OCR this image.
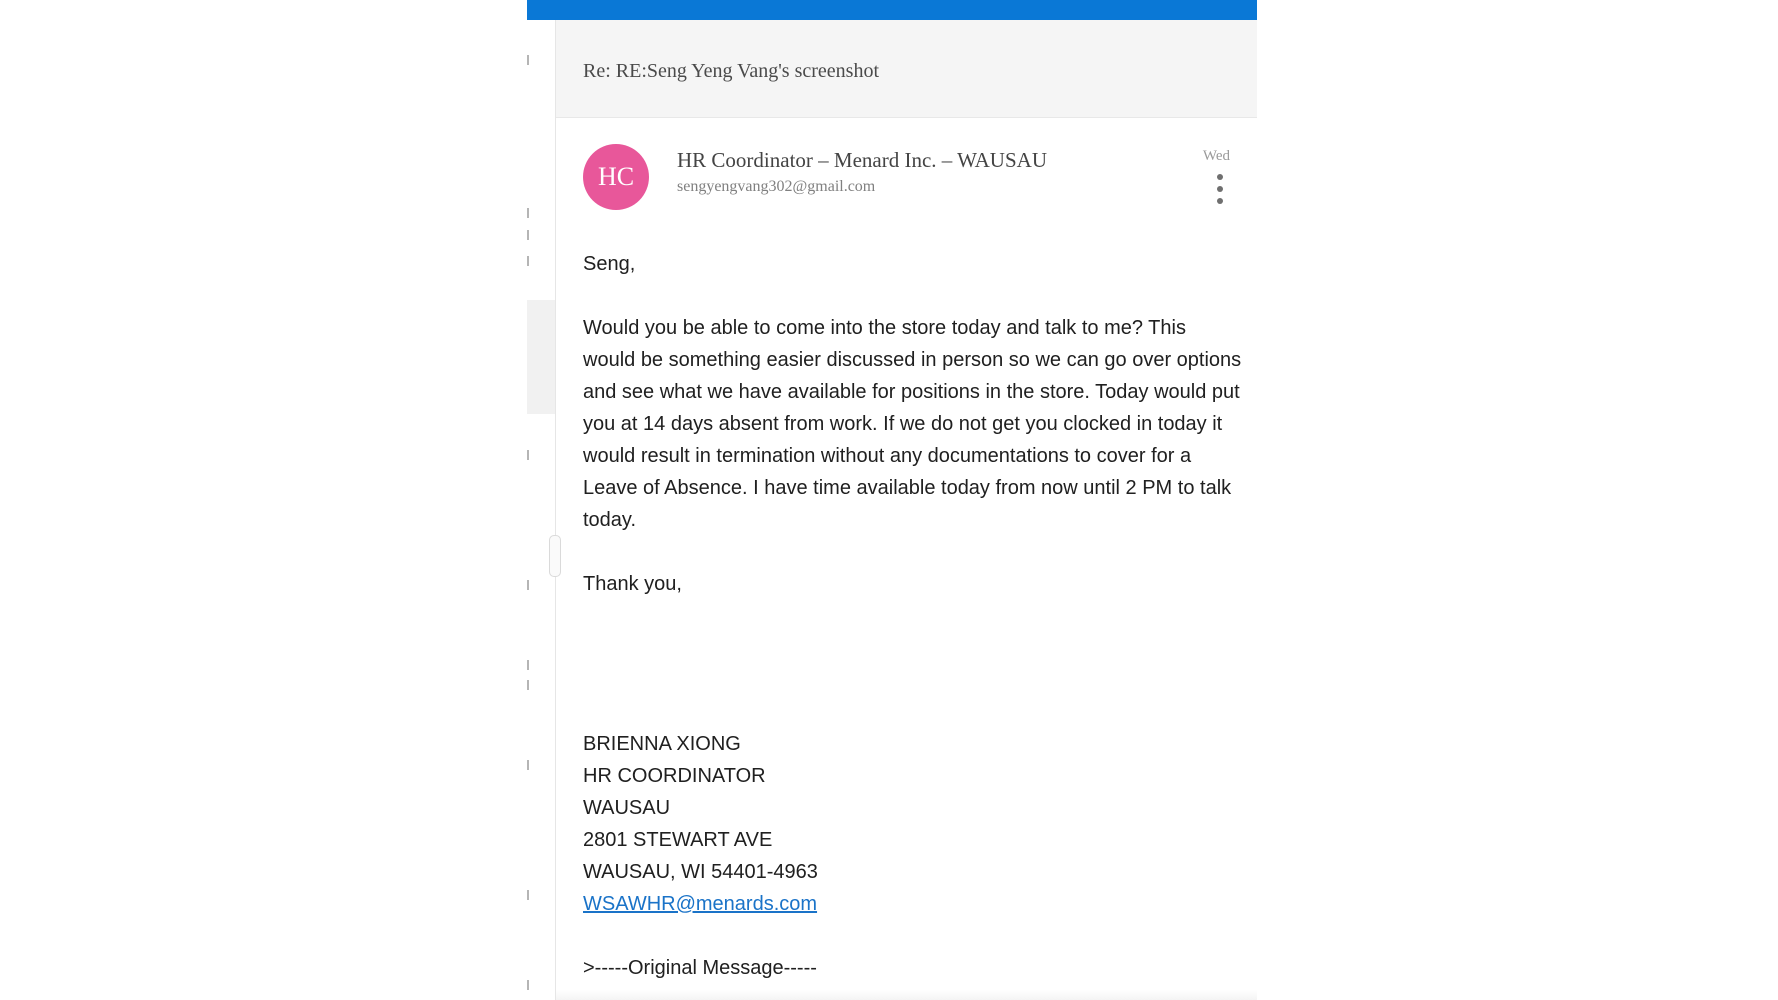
Re: RE:Seng Yeng Vang's screenshot
HC
HR Coordinator – Menard Inc. – WAUSAU
sengyengvang302@gmail.com
Wed

Seng,

Would you be able to come into the store today and talk to me? This would be something easier discussed in person so we can go over options and see what we have available for positions in the store. Today would put you at 14 days absent from work. If we do not get you clocked in today it would result in termination without any documentations to cover for a Leave of Absence. I have time available today from now until 2 PM to talk today.

Thank you,

BRIENNA XIONG

HR COORDINATOR

WAUSAU

2801 STEWART AVE

WAUSAU, WI 54401-4963

WSAWHR@menards.com

>-----Original Message-----
